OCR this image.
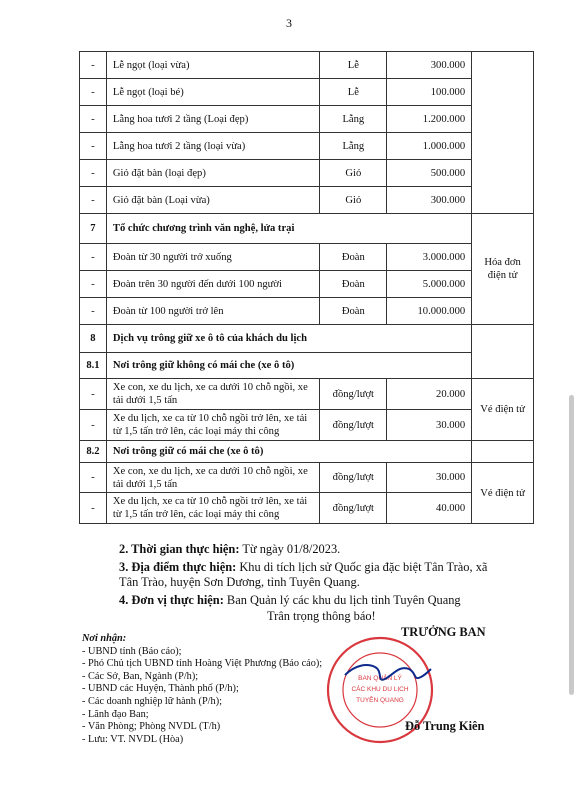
3
-	Lễ ngọt (loại vừa)	Lễ	300.000	
-	Lễ ngọt (loại bé)	Lễ	100.000	
-	Lẵng hoa tươi 2 tầng (Loại đẹp)	Lẵng	1.200.000	
-	Lẵng hoa tươi 2 tầng (loại vừa)	Lẵng	1.000.000	
-	Giỏ đặt bàn (loại đẹp)	Giỏ	500.000	
-	Giỏ đặt bàn (Loại vừa)	Giỏ	300.000	
7	Tổ chức chương trình văn nghệ, lửa trại			Hóa đơn điện tử
-	Đoàn từ 30 người trở xuống	Đoàn	3.000.000	
-	Đoàn trên 30 người đến dưới 100 người	Đoàn	5.000.000	
-	Đoàn từ 100 người trở lên	Đoàn	10.000.000	
8	Dịch vụ trông giữ xe ô tô của khách du lịch			
8.1	Nơi trông giữ không có mái che (xe ô tô)			
-	Xe con, xe du lịch, xe ca dưới 10 chỗ ngồi, xe tải dưới 1,5 tấn	đồng/lượt	20.000	Vé điện tử
-	Xe du lịch, xe ca từ 10 chỗ ngồi trở lên, xe tải từ 1,5 tấn trở lên, các loại máy thi công	đồng/lượt	30.000	
8.2	Nơi trông giữ có mái che (xe ô tô)			
-	Xe con, xe du lịch, xe ca dưới 10 chỗ ngồi, xe tải dưới 1,5 tấn	đồng/lượt	30.000	Vé điện tử
-	Xe du lịch, xe ca từ 10 chỗ ngồi trở lên, xe tải từ 1,5 tấn trở lên, các loại máy thi công	đồng/lượt	40.000	
2. Thời gian thực hiện: Từ ngày 01/8/2023.
3. Địa điểm thực hiện: Khu di tích lịch sử Quốc gia đặc biệt Tân Trào, xã
Tân Trào, huyện Sơn Dương, tỉnh Tuyên Quang.
4. Đơn vị thực hiện: Ban Quản lý các khu du lịch tỉnh Tuyên Quang
Trân trọng thông báo!
Nơi nhận:
- UBND tỉnh (Báo cáo);
- Phó Chủ tịch UBND tỉnh Hoàng Việt Phương (Báo cáo);
- Các Sở, Ban, Ngành (P/h);
- UBND các Huyện, Thành phố (P/h);
- Các doanh nghiệp lữ hành (P/h);
- Lãnh đạo Ban;
- Văn Phòng; Phòng NVDL (T/h)
- Lưu: VT. NVDL (Hòa)
BAN QUẢN LÝ
CÁC KHU DU LỊCH
TUYÊN QUANG
TRƯỞNG BAN
Đỗ Trung Kiên
